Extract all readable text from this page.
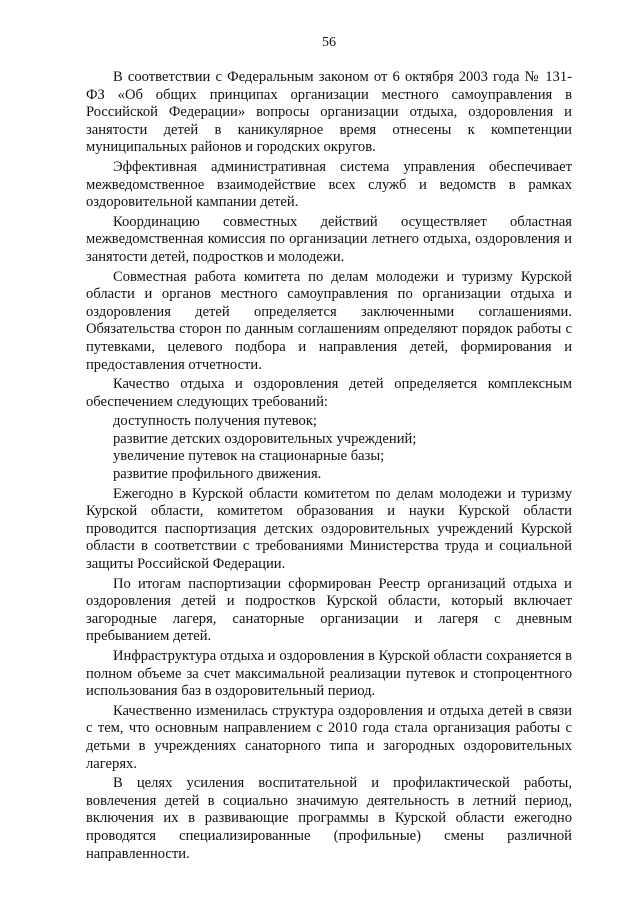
56

В соответствии с Федеральным законом от 6 октября 2003 года № 131-ФЗ «Об общих принципах организации местного самоуправления в Российской Федерации» вопросы организации отдыха, оздоровления и занятости детей в каникулярное время отнесены к компетенции муниципальных районов и городских округов.

Эффективная административная система управления обеспечивает межведомственное взаимодействие всех служб и ведомств в рамках оздоровительной кампании детей.

Координацию совместных действий осуществляет областная межведомственная комиссия по организации летнего отдыха, оздоровления и занятости детей, подростков и молодежи.

Совместная работа комитета по делам молодежи и туризму Курской области и органов местного самоуправления по организации отдыха и оздоровления детей определяется заключенными соглашениями. Обязательства сторон по данным соглашениям определяют порядок работы с путевками, целевого подбора и направления детей, формирования и предоставления отчетности.

Качество отдыха и оздоровления детей определяется комплексным обеспечением следующих требований:

доступность получения путевок;
развитие детских оздоровительных учреждений;
увеличение путевок на стационарные базы;
развитие профильного движения.

Ежегодно в Курской области комитетом по делам молодежи и туризму Курской области, комитетом образования и науки Курской области проводится паспортизация детских оздоровительных учреждений Курской области в соответствии с требованиями Министерства труда и социальной защиты Российской Федерации.

По итогам паспортизации сформирован Реестр организаций отдыха и оздоровления детей и подростков Курской области, который включает загородные лагеря, санаторные организации и лагеря с дневным пребыванием детей.

Инфраструктура отдыха и оздоровления в Курской области сохраняется в полном объеме за счет максимальной реализации путевок и стопроцентного использования баз в оздоровительный период.

Качественно изменилась структура оздоровления и отдыха детей в связи с тем, что основным направлением с 2010 года стала организация работы с детьми в учреждениях санаторного типа и загородных оздоровительных лагерях.

В целях усиления воспитательной и профилактической работы, вовлечения детей в социально значимую деятельность в летний период, включения их в развивающие программы в Курской области ежегодно проводятся специализированные (профильные) смены различной направленности.
